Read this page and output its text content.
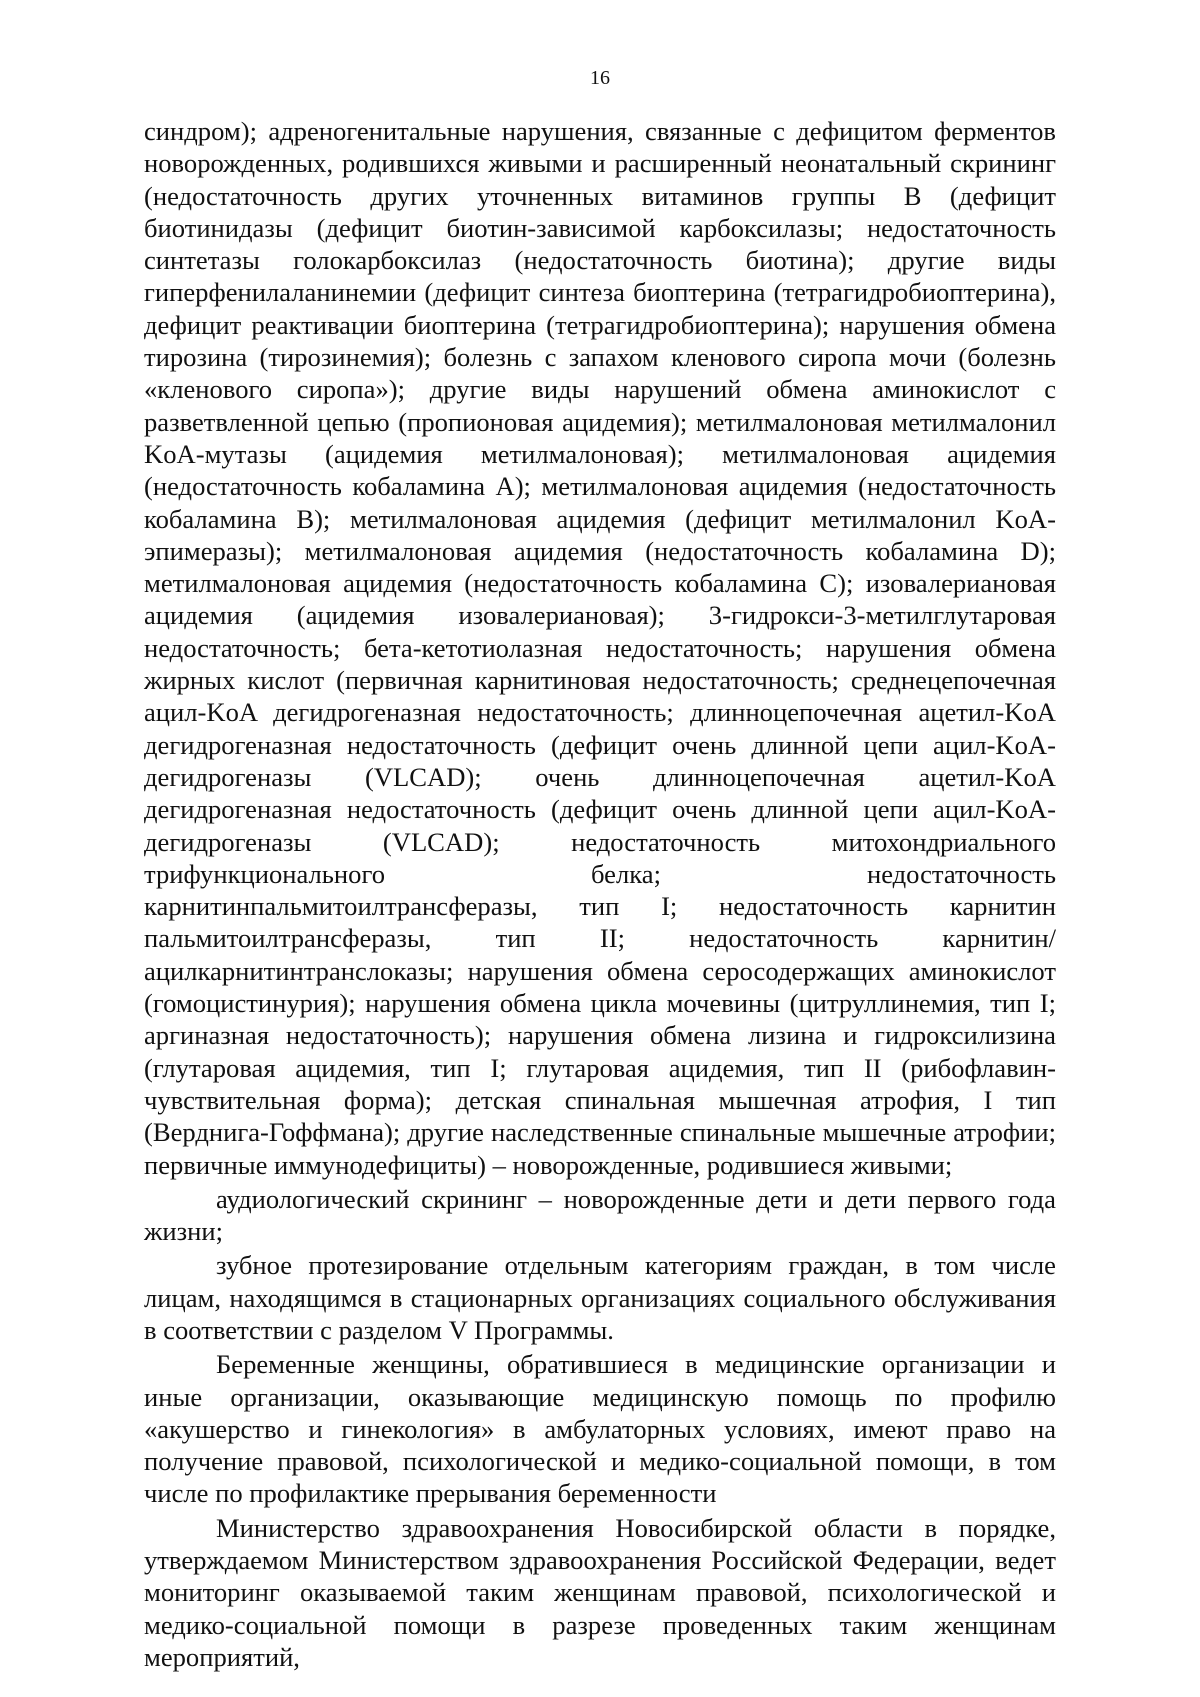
16

синдром); адреногенитальные нарушения, связанные с дефицитом ферментов новорожденных, родившихся живыми и расширенный неонатальный скрининг (недостаточность других уточненных витаминов группы B (дефицит биотинидазы (дефицит биотин-зависимой карбоксилазы; недостаточность синтетазы голокарбоксилаз (недостаточность биотина); другие виды гиперфенилаланинемии (дефицит синтеза биоптерина (тетрагидробиоптерина), дефицит реактивации биоптерина (тетрагидробиоптерина); нарушения обмена тирозина (тирозинемия); болезнь с запахом кленового сиропа мочи (болезнь «кленового сиропа»); другие виды нарушений обмена аминокислот с разветвленной цепью (пропионовая ацидемия); метилмалоновая метилмалонил KoA-мутазы (ацидемия метилмалоновая); метилмалоновая ацидемия (недостаточность кобаламина A); метилмалоновая ацидемия (недостаточность кобаламина B); метилмалоновая ацидемия (дефицит метилмалонил KoA-эпимеразы); метилмалоновая ацидемия (недостаточность кобаламина D); метилмалоновая ацидемия (недостаточность кобаламина C); изовалериановая ацидемия (ацидемия изовалериановая); 3-гидрокси-3-метилглутаровая недостаточность; бета-кетотиолазная недостаточность; нарушения обмена жирных кислот (первичная карнитиновая недостаточность; среднецепочечная ацил-KoA дегидрогеназная недостаточность; длинноцепочечная ацетил-KoA дегидрогеназная недостаточность (дефицит очень длинной цепи ацил-KoA-дегидрогеназы (VLCAD); очень длинноцепочечная ацетил-KoA дегидрогеназная недостаточность (дефицит очень длинной цепи ацил-KoA-дегидрогеназы (VLCAD); недостаточность митохондриального трифункционального белка; недостаточность карнитинпальмитоилтрансферазы, тип I; недостаточность карнитин пальмитоилтрансферазы, тип II; недостаточность карнитин/ацилкарнитинтранслоказы; нарушения обмена серосодержащих аминокислот (гомоцистинурия); нарушения обмена цикла мочевины (цитруллинемия, тип I; аргиназная недостаточность); нарушения обмена лизина и гидроксилизина (глутаровая ацидемия, тип I; глутаровая ацидемия, тип II (рибофлавин-чувствительная форма); детская спинальная мышечная атрофия, I тип (Верднига-Гоффмана); другие наследственные спинальные мышечные атрофии; первичные иммунодефициты) – новорожденные, родившиеся живыми;

аудиологический скрининг – новорожденные дети и дети первого года жизни;

зубное протезирование отдельным категориям граждан, в том числе лицам, находящимся в стационарных организациях социального обслуживания в соответствии с разделом V Программы.

Беременные женщины, обратившиеся в медицинские организации и иные организации, оказывающие медицинскую помощь по профилю «акушерство и гинекология» в амбулаторных условиях, имеют право на получение правовой, психологической и медико-социальной помощи, в том числе по профилактике прерывания беременности

Министерство здравоохранения Новосибирской области в порядке, утверждаемом Министерством здравоохранения Российской Федерации, ведет мониторинг оказываемой таким женщинам правовой, психологической и медико-социальной помощи в разрезе проведенных таким женщинам мероприятий,
